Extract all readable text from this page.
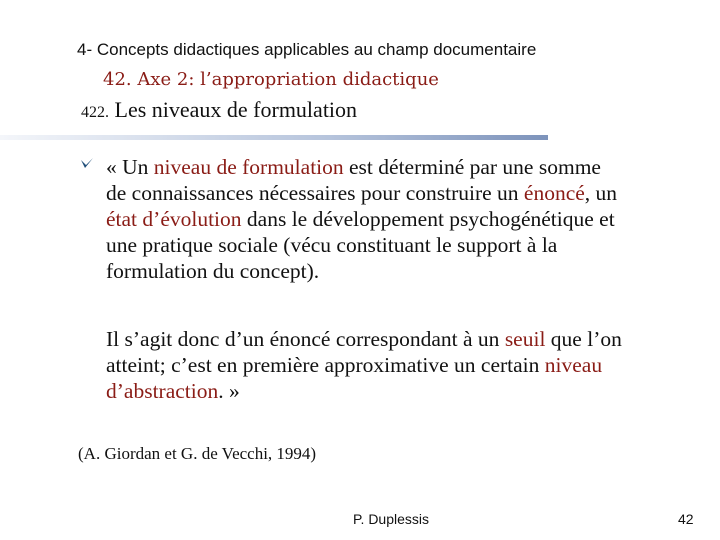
4- Concepts didactiques applicables au champ documentaire
42. Axe 2: l’appropriation didactique
422. Les niveaux de formulation
« Un niveau de formulation est déterminé par une somme
de connaissances nécessaires pour construire un énoncé, un
état d’évolution dans le développement psychogénétique et
une pratique sociale (vécu constituant le support à la
formulation du concept).
Il s’agit donc d’un énoncé correspondant à un seuil que l’on
atteint; c’est en première approximative un certain niveau
d’abstraction. »
(A. Giordan et G. de Vecchi, 1994)
P. Duplessis	42
